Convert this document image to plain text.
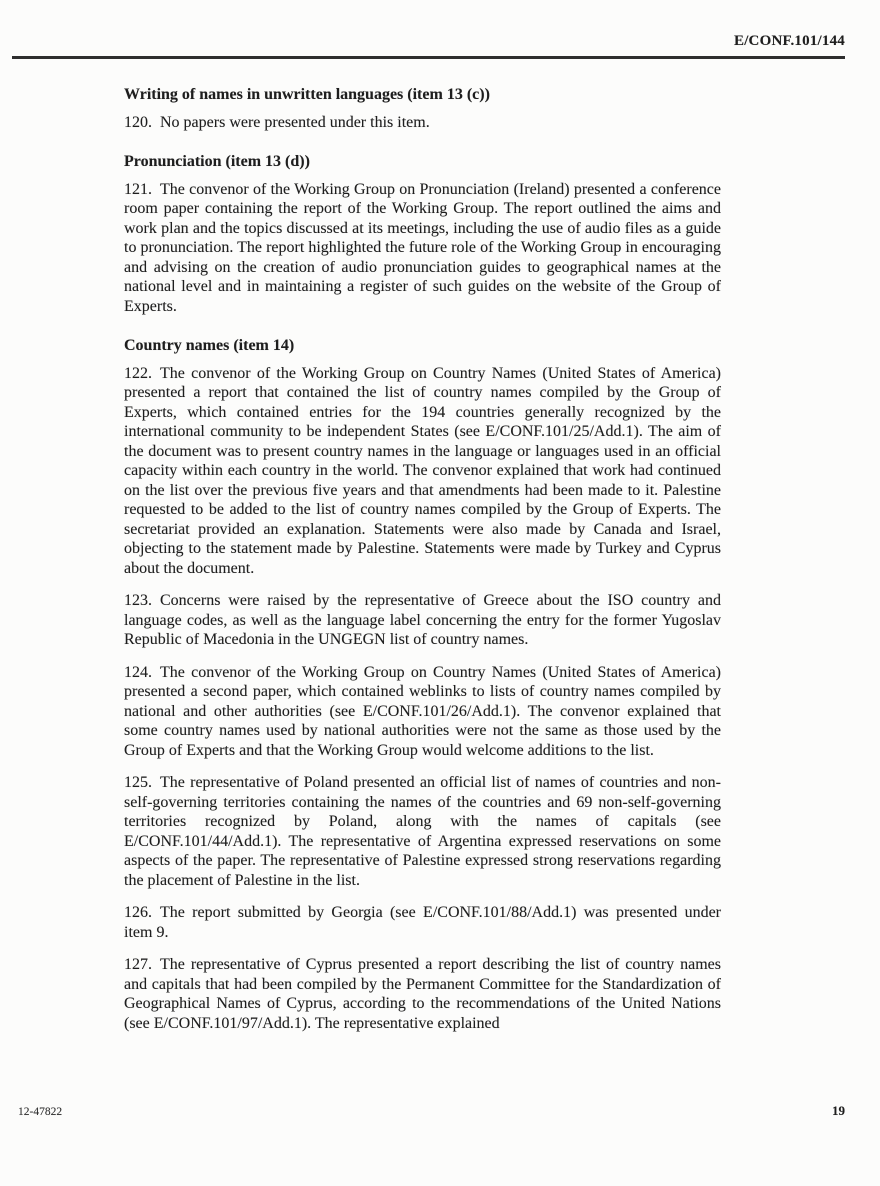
E/CONF.101/144
Writing of names in unwritten languages (item 13 (c))

120. No papers were presented under this item.

Pronunciation (item 13 (d))

121. The convenor of the Working Group on Pronunciation (Ireland) presented a conference room paper containing the report of the Working Group. The report outlined the aims and work plan and the topics discussed at its meetings, including the use of audio files as a guide to pronunciation. The report highlighted the future role of the Working Group in encouraging and advising on the creation of audio pronunciation guides to geographical names at the national level and in maintaining a register of such guides on the website of the Group of Experts.

Country names (item 14)

122. The convenor of the Working Group on Country Names (United States of America) presented a report that contained the list of country names compiled by the Group of Experts, which contained entries for the 194 countries generally recognized by the international community to be independent States (see E/CONF.101/25/Add.1). The aim of the document was to present country names in the language or languages used in an official capacity within each country in the world. The convenor explained that work had continued on the list over the previous five years and that amendments had been made to it. Palestine requested to be added to the list of country names compiled by the Group of Experts. The secretariat provided an explanation. Statements were also made by Canada and Israel, objecting to the statement made by Palestine. Statements were made by Turkey and Cyprus about the document.

123. Concerns were raised by the representative of Greece about the ISO country and language codes, as well as the language label concerning the entry for the former Yugoslav Republic of Macedonia in the UNGEGN list of country names.

124. The convenor of the Working Group on Country Names (United States of America) presented a second paper, which contained weblinks to lists of country names compiled by national and other authorities (see E/CONF.101/26/Add.1). The convenor explained that some country names used by national authorities were not the same as those used by the Group of Experts and that the Working Group would welcome additions to the list.

125. The representative of Poland presented an official list of names of countries and non-self-governing territories containing the names of the countries and 69 non-self-governing territories recognized by Poland, along with the names of capitals (see E/CONF.101/44/Add.1). The representative of Argentina expressed reservations on some aspects of the paper. The representative of Palestine expressed strong reservations regarding the placement of Palestine in the list.

126. The report submitted by Georgia (see E/CONF.101/88/Add.1) was presented under item 9.

127. The representative of Cyprus presented a report describing the list of country names and capitals that had been compiled by the Permanent Committee for the Standardization of Geographical Names of Cyprus, according to the recommendations of the United Nations (see E/CONF.101/97/Add.1). The representative explained

12-47822	19
